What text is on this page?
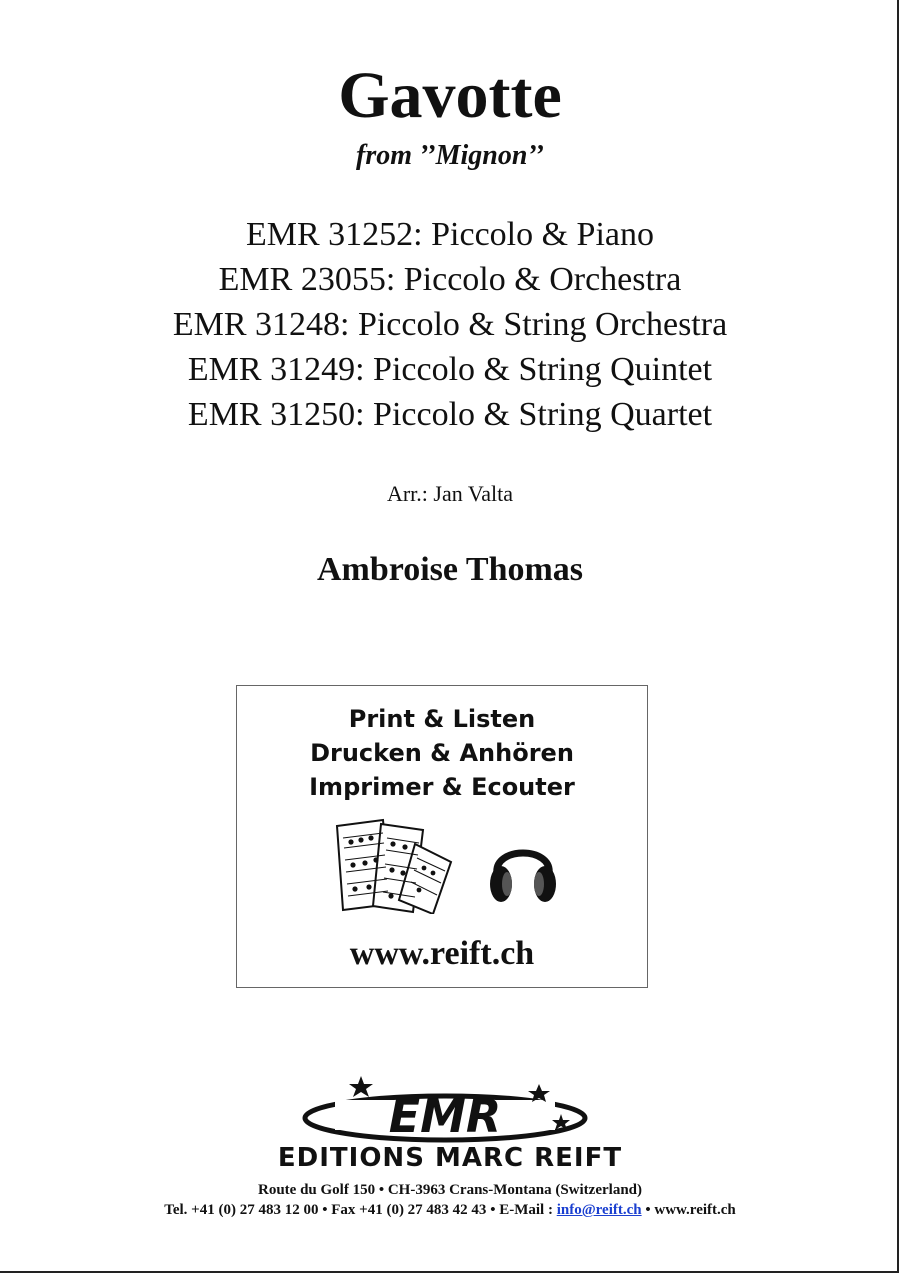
Gavotte
from ’’Mignon’’
EMR 31252: Piccolo & Piano
EMR 23055: Piccolo & Orchestra
EMR 31248: Piccolo & String Orchestra
EMR 31249: Piccolo & String Quintet
EMR 31250: Piccolo & String Quartet
Arr.: Jan Valta
Ambroise Thomas
Print & Listen
Drucken & Anhören
Imprimer & Ecouter
www.reift.ch
EMR
EDITIONS MARC REIFT
Route du Golf 150 • CH-3963 Crans-Montana (Switzerland)
Tel. +41 (0) 27 483 12 00 • Fax +41 (0) 27 483 42 43 • E-Mail : info@reift.ch • www.reift.ch
